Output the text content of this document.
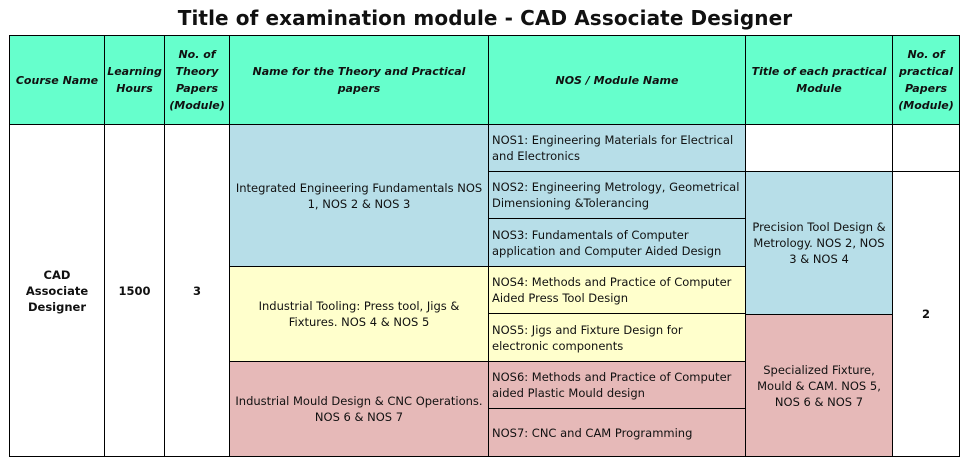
Title of examination module - CAD Associate Designer
Course Name
Learning Hours
No. of Theory Papers (Module)
Name for the Theory and Practical papers
NOS / Module Name
Title of each practical Module
No. of practical Papers (Module)
CAD Associate Designer
1500	3
Integrated Engineering Fundamentals NOS 1, NOS 2 & NOS 3
Industrial Tooling: Press tool, Jigs & Fixtures. NOS 4 & NOS 5
Industrial Mould Design & CNC Operations. NOS 6 & NOS 7
NOS1: Engineering Materials for Electrical and Electronics
NOS2: Engineering Metrology, Geometrical Dimensioning &Tolerancing
NOS3: Fundamentals of Computer application and Computer Aided Design
NOS4: Methods and Practice of Computer Aided Press Tool Design
NOS5: Jigs and Fixture Design for electronic components
NOS6: Methods and Practice of Computer aided Plastic Mould design
NOS7: CNC and CAM Programming
Precision Tool Design & Metrology. NOS 2, NOS 3 & NOS 4
Specialized Fixture, Mould & CAM. NOS 5, NOS 6 & NOS 7
2
